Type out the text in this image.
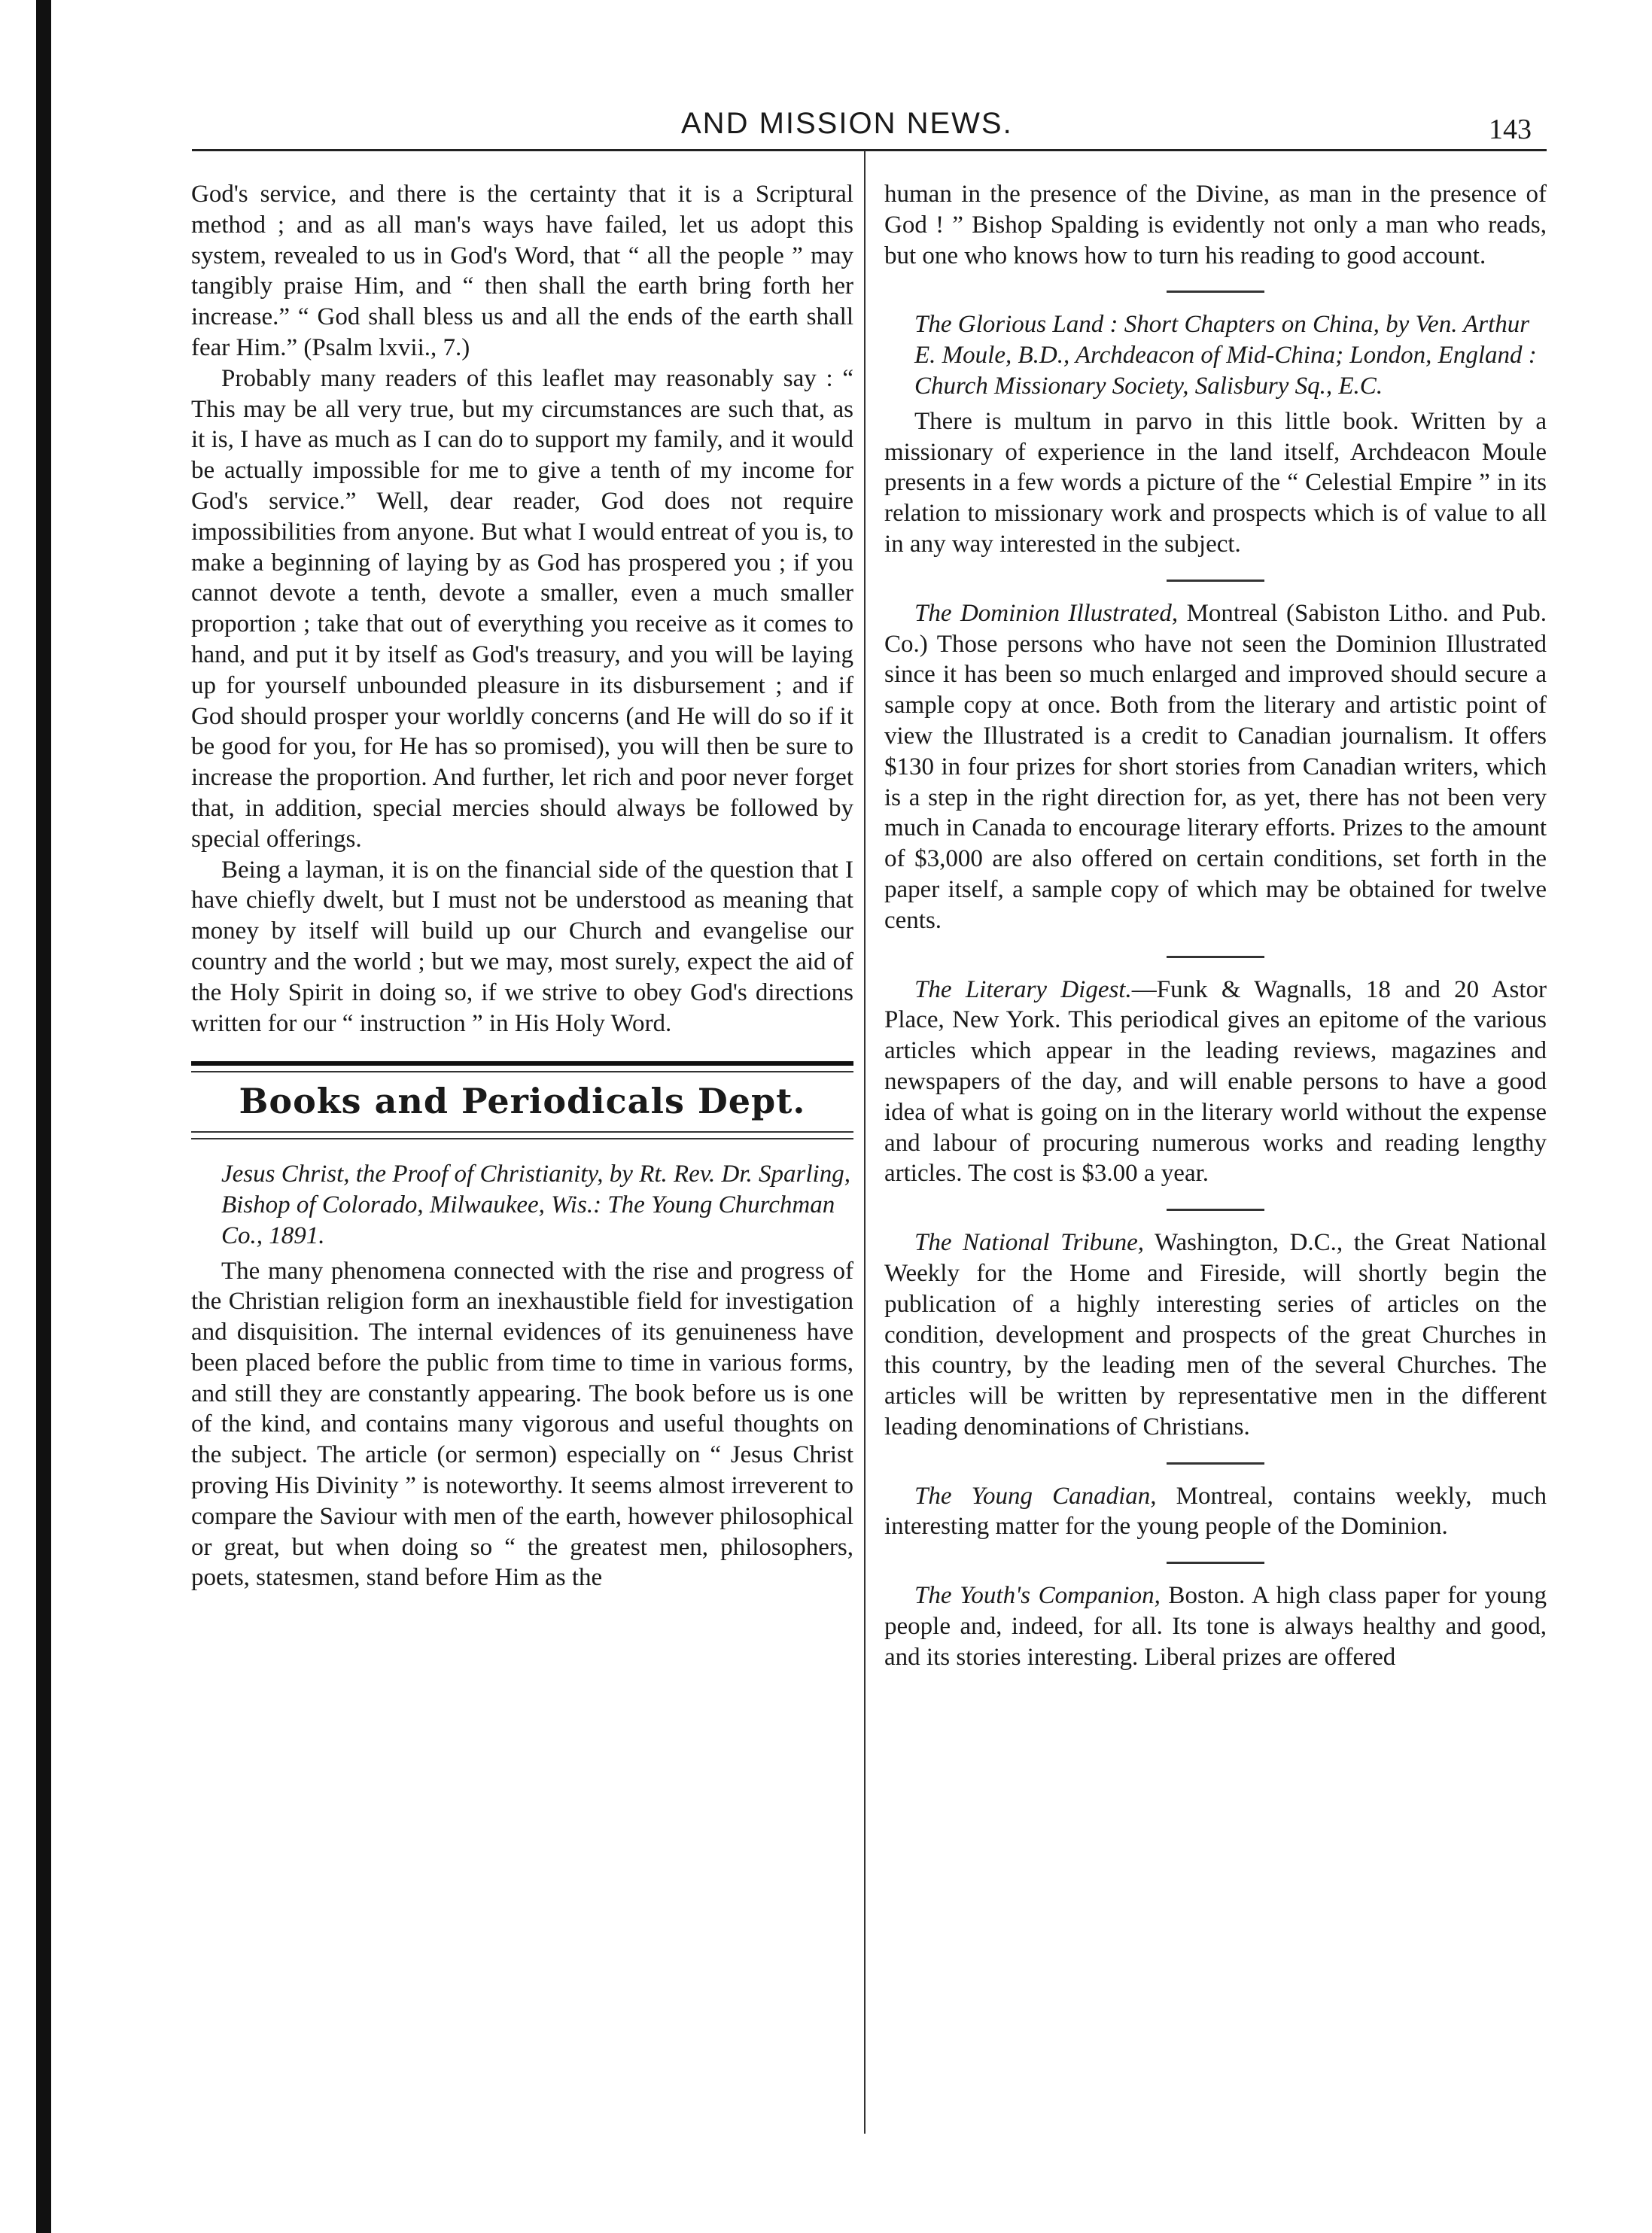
AND MISSION NEWS.	143

God's service, and there is the certainty that it is a Scriptural method ; and as all man's ways have failed, let us adopt this system, revealed to us in God's Word, that “ all the people ” may tangibly praise Him, and “ then shall the earth bring forth her increase.” “ God shall bless us and all the ends of the earth shall fear Him.” (Psalm lxvii., 7.)

Probably many readers of this leaflet may reasonably say : “ This may be all very true, but my circumstances are such that, as it is, I have as much as I can do to support my family, and it would be actually impossible for me to give a tenth of my income for God's service.” Well, dear reader, God does not require impossibilities from anyone. But what I would entreat of you is, to make a beginning of laying by as God has prospered you ; if you cannot devote a tenth, devote a smaller, even a much smaller proportion ; take that out of everything you receive as it comes to hand, and put it by itself as God's treasury, and you will be laying up for yourself unbounded pleasure in its disbursement ; and if God should prosper your worldly concerns (and He will do so if it be good for you, for He has so promised), you will then be sure to increase the proportion. And further, let rich and poor never forget that, in addition, special mercies should always be followed by special offerings.

Being a layman, it is on the financial side of the question that I have chiefly dwelt, but I must not be understood as meaning that money by itself will build up our Church and evangelise our country and the world ; but we may, most surely, expect the aid of the Holy Spirit in doing so, if we strive to obey God's directions written for our “ instruction ” in His Holy Word.

Books and Periodicals Dept.

Jesus Christ, the Proof of Christianity, by Rt. Rev. Dr. Sparling, Bishop of Colorado, Milwaukee, Wis.: The Young Churchman Co., 1891.

The many phenomena connected with the rise and progress of the Christian religion form an inexhaustible field for investigation and disquisition. The internal evidences of its genuineness have been placed before the public from time to time in various forms, and still they are constantly appearing. The book before us is one of the kind, and contains many vigorous and useful thoughts on the subject. The article (or sermon) especially on “ Jesus Christ proving His Divinity ” is noteworthy. It seems almost irreverent to compare the Saviour with men of the earth, however philosophical or great, but when doing so “ the greatest men, philosophers, poets, statesmen, stand before Him as the

human in the presence of the Divine, as man in the presence of God ! ” Bishop Spalding is evidently not only a man who reads, but one who knows how to turn his reading to good account.

The Glorious Land : Short Chapters on China, by Ven. Arthur E. Moule, B.D., Archdeacon of Mid-China; London, England : Church Missionary Society, Salisbury Sq., E.C.

There is multum in parvo in this little book. Written by a missionary of experience in the land itself, Archdeacon Moule presents in a few words a picture of the “ Celestial Empire ” in its relation to missionary work and prospects which is of value to all in any way interested in the subject.

The Dominion Illustrated, Montreal (Sabiston Litho. and Pub. Co.) Those persons who have not seen the Dominion Illustrated since it has been so much enlarged and improved should secure a sample copy at once. Both from the literary and artistic point of view the Illustrated is a credit to Canadian journalism. It offers $130 in four prizes for short stories from Canadian writers, which is a step in the right direction for, as yet, there has not been very much in Canada to encourage literary efforts. Prizes to the amount of $3,000 are also offered on certain conditions, set forth in the paper itself, a sample copy of which may be obtained for twelve cents.

The Literary Digest.—Funk & Wagnalls, 18 and 20 Astor Place, New York. This periodical gives an epitome of the various articles which appear in the leading reviews, magazines and newspapers of the day, and will enable persons to have a good idea of what is going on in the literary world without the expense and labour of procuring numerous works and reading lengthy articles. The cost is $3.00 a year.

The National Tribune, Washington, D.C., the Great National Weekly for the Home and Fireside, will shortly begin the publication of a highly interesting series of articles on the condition, development and prospects of the great Churches in this country, by the leading men of the several Churches. The articles will be written by representative men in the different leading denominations of Christians.

The Young Canadian, Montreal, contains weekly, much interesting matter for the young people of the Dominion.

The Youth's Companion, Boston. A high class paper for young people and, indeed, for all. Its tone is always healthy and good, and its stories interesting. Liberal prizes are offered
